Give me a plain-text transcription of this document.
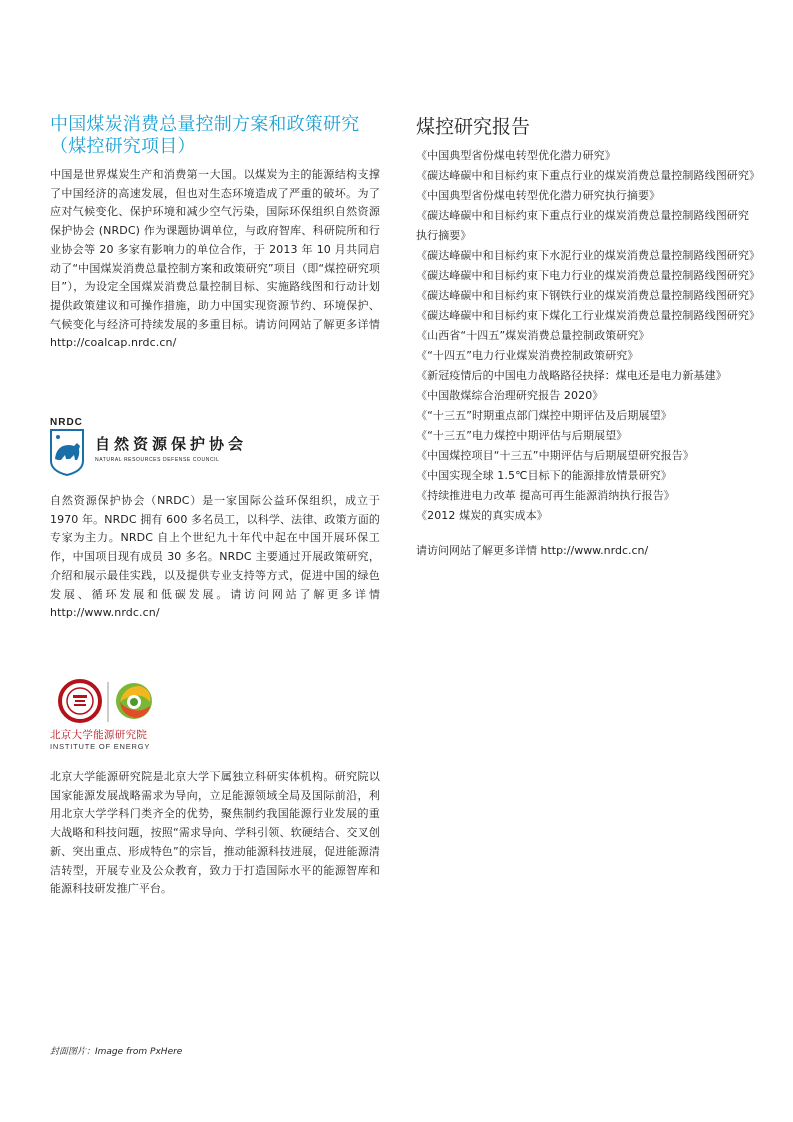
中国煤炭消费总量控制方案和政策研究
（煤控研究项目）

中国是世界煤炭生产和消费第一大国。以煤炭为主的能源结构支撑了中国经济的高速发展，但也对生态环境造成了严重的破坏。为了应对气候变化、保护环境和减少空气污染，国际环保组织自然资源保护协会 (NRDC) 作为课题协调单位，与政府智库、科研院所和行业协会等 20 多家有影响力的单位合作，于 2013 年 10 月共同启动了“中国煤炭消费总量控制方案和政策研究”项目（即“煤控研究项目”），为设定全国煤炭消费总量控制目标、实施路线图和行动计划提供政策建议和可操作措施，助力中国实现资源节约、环境保护、气候变化与经济可持续发展的多重目标。请访问网站了解更多详情 http://coalcap.nrdc.cn/

NRDC
自然资源保护协会
NATURAL RESOURCES DEFENSE COUNCIL

自然资源保护协会（NRDC）是一家国际公益环保组织，成立于 1970 年。NRDC 拥有 600 多名员工，以科学、法律、政策方面的专家为主力。NRDC 自上个世纪九十年代中起在中国开展环保工作，中国项目现有成员 30 多名。NRDC 主要通过开展政策研究，介绍和展示最佳实践，以及提供专业支持等方式，促进中国的绿色发展、循环发展和低碳发展。请访问网站了解更多详情 http://www.nrdc.cn/

北京大学能源研究院
INSTITUTE OF ENERGY

北京大学能源研究院是北京大学下属独立科研实体机构。研究院以国家能源发展战略需求为导向，立足能源领域全局及国际前沿，利用北京大学学科门类齐全的优势，聚焦制约我国能源行业发展的重大战略和科技问题，按照“需求导向、学科引领、软硬结合、交叉创新、突出重点、形成特色”的宗旨，推动能源科技进展，促进能源清洁转型，开展专业及公众教育，致力于打造国际水平的能源智库和能源科技研发推广平台。

封面图片：Image from PxHere
煤控研究报告
《中国典型省份煤电转型优化潜力研究》
《碳达峰碳中和目标约束下重点行业的煤炭消费总量控制路线图研究》
《中国典型省份煤电转型优化潜力研究执行摘要》
《碳达峰碳中和目标约束下重点行业的煤炭消费总量控制路线图研究执行摘要》
《碳达峰碳中和目标约束下水泥行业的煤炭消费总量控制路线图研究》
《碳达峰碳中和目标约束下电力行业的煤炭消费总量控制路线图研究》
《碳达峰碳中和目标约束下钢铁行业的煤炭消费总量控制路线图研究》
《碳达峰碳中和目标约束下煤化工行业煤炭消费总量控制路线图研究》
《山西省“十四五”煤炭消费总量控制政策研究》
《“十四五”电力行业煤炭消费控制政策研究》
《新冠疫情后的中国电力战略路径抉择：煤电还是电力新基建》
《中国散煤综合治理研究报告 2020》
《“十三五”时期重点部门煤控中期评估及后期展望》
《“十三五”电力煤控中期评估与后期展望》
《中国煤控项目“十三五”中期评估与后期展望研究报告》
《中国实现全球 1.5℃目标下的能源排放情景研究》
《持续推进电力改革 提高可再生能源消纳执行报告》
《2012 煤炭的真实成本》

请访问网站了解更多详情 http://www.nrdc.cn/
